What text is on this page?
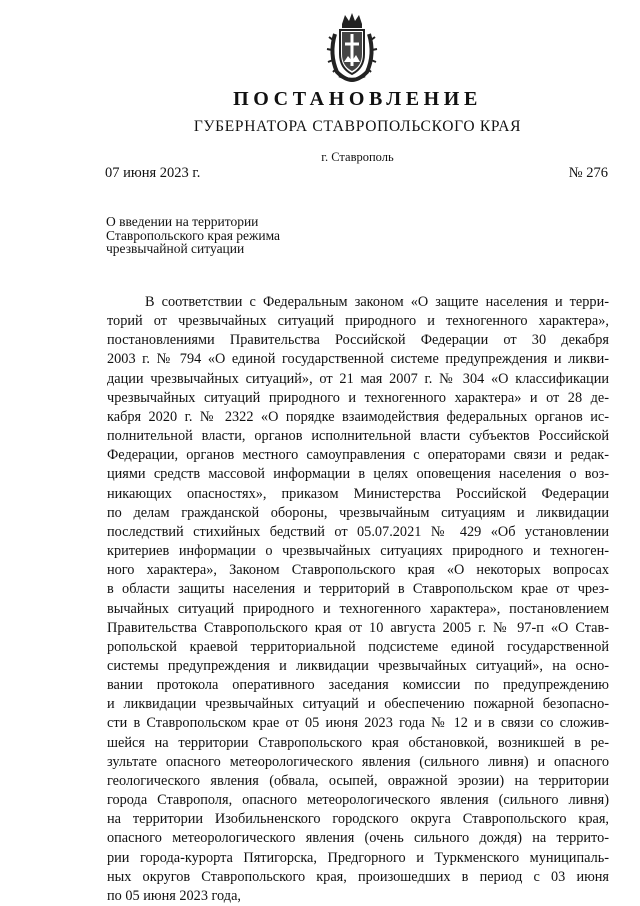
ПОСТАНОВЛЕНИЕ
ГУБЕРНАТОРА СТАВРОПОЛЬСКОГО КРАЯ
г. Ставрополь
07 июня 2023 г.	№ 276
О введении на территории
Ставропольского края режима
чрезвычайной ситуации
В соответствии с Федеральным законом «О защите населения и терри-
торий от чрезвычайных ситуаций природного и техногенного характера»,
постановлениями Правительства Российской Федерации от 30 декабря
2003 г. № 794 «О единой государственной системе предупреждения и ликви-
дации чрезвычайных ситуаций», от 21 мая 2007 г. № 304 «О классификации
чрезвычайных ситуаций природного и техногенного характера» и от 28 де-
кабря 2020 г. № 2322 «О порядке взаимодействия федеральных органов ис-
полнительной власти, органов исполнительной власти субъектов Российской
Федерации, органов местного самоуправления с операторами связи и редак-
циями средств массовой информации в целях оповещения населения о воз-
никающих опасностях», приказом Министерства Российской Федерации
по делам гражданской обороны, чрезвычайным ситуациям и ликвидации
последствий стихийных бедствий от 05.07.2021 № 429 «Об установлении
критериев информации о чрезвычайных ситуациях природного и техноген-
ного характера», Законом Ставропольского края «О некоторых вопросах
в области защиты населения и территорий в Ставропольском крае от чрез-
вычайных ситуаций природного и техногенного характера», постановлением
Правительства Ставропольского края от 10 августа 2005 г. № 97-п «О Став-
ропольской краевой территориальной подсистеме единой государственной
системы предупреждения и ликвидации чрезвычайных ситуаций», на осно-
вании протокола оперативного заседания комиссии по предупреждению
и ликвидации чрезвычайных ситуаций и обеспечению пожарной безопасно-
сти в Ставропольском крае от 05 июня 2023 года № 12 и в связи со сложив-
шейся на территории Ставропольского края обстановкой, возникшей в ре-
зультате опасного метеорологического явления (сильного ливня) и опасного
геологического явления (обвала, осыпей, овражной эрозии) на территории
города Ставрополя, опасного метеорологического явления (сильного ливня)
на территории Изобильненского городского округа Ставропольского края,
опасного метеорологического явления (очень сильного дождя) на террито-
рии города-курорта Пятигорска, Предгорного и Туркменского муниципаль-
ных округов Ставропольского края, произошедших в период с 03 июня
по 05 июня 2023 года,
